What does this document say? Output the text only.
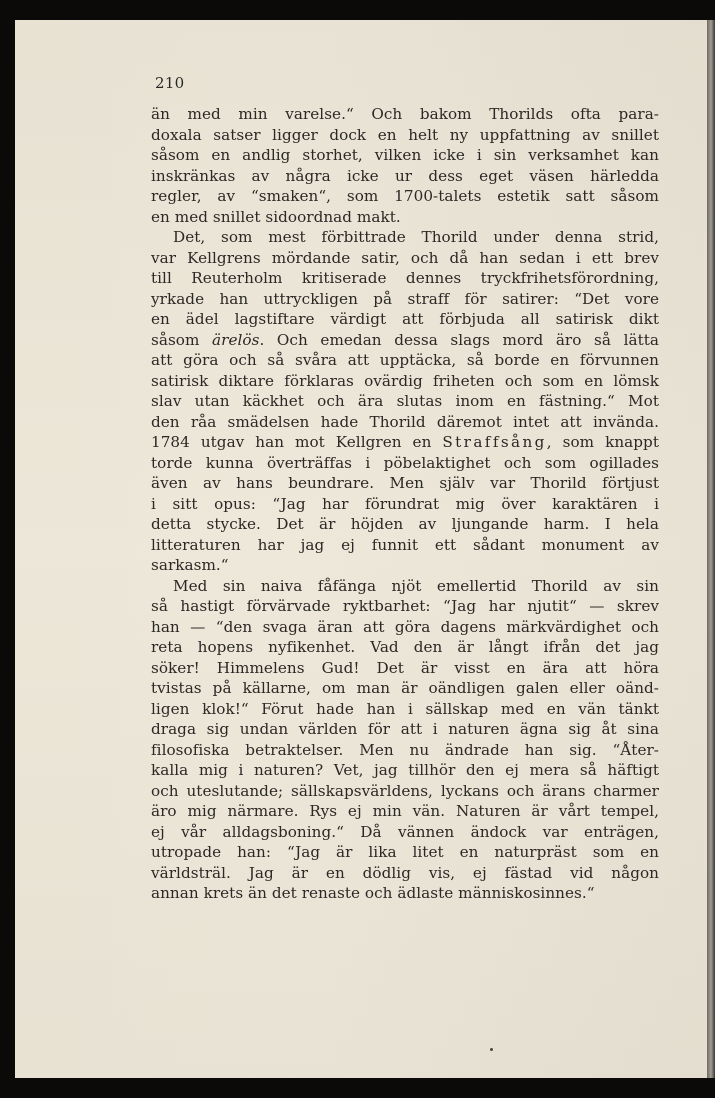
210
än med min varelse.“ Och bakom Thorilds ofta para-
doxala satser ligger dock en helt ny uppfattning av snillet
såsom en andlig storhet, vilken icke i sin verksamhet kan
inskränkas av några icke ur dess eget väsen härledda
regler, av “smaken“, som 1700-talets estetik satt såsom
en med snillet sidoordnad makt.
Det, som mest förbittrade Thorild under denna strid,
var Kellgrens mördande satir, och då han sedan i ett brev
till Reuterholm kritiserade dennes tryckfrihetsförordning,
yrkade han uttryckligen på straff för satirer: “Det vore
en ädel lagstiftare värdigt att förbjuda all satirisk dikt
såsom ärelös. Och emedan dessa slags mord äro så lätta
att göra och så svåra att upptäcka, så borde en förvunnen
satirisk diktare förklaras ovärdig friheten och som en lömsk
slav utan käckhet och ära slutas inom en fästning.“ Mot
den råa smädelsen hade Thorild däremot intet att invända.
1784 utgav han mot Kellgren en Straffsång, som knappt
torde kunna överträffas i pöbelaktighet och som ogillades
även av hans beundrare. Men själv var Thorild förtjust
i sitt opus: “Jag har förundrat mig över karaktären i
detta stycke. Det är höjden av ljungande harm. I hela
litteraturen har jag ej funnit ett sådant monument av
sarkasm.“
Med sin naiva fåfänga njöt emellertid Thorild av sin
så hastigt förvärvade ryktbarhet: “Jag har njutit“ — skrev
han — “den svaga äran att göra dagens märkvärdighet och
reta hopens nyfikenhet. Vad den är långt ifrån det jag
söker! Himmelens Gud! Det är visst en ära att höra
tvistas på källarne, om man är oändligen galen eller oänd-
ligen klok!“ Förut hade han i sällskap med en vän tänkt
draga sig undan världen för att i naturen ägna sig åt sina
filosofiska betraktelser. Men nu ändrade han sig. “Åter-
kalla mig i naturen? Vet, jag tillhör den ej mera så häftigt
och uteslutande; sällskapsvärldens, lyckans och ärans charmer
äro mig närmare. Rys ej min vän. Naturen är vårt tempel,
ej vår alldagsboning.“ Då vännen ändock var enträgen,
utropade han: “Jag är lika litet en naturpräst som en
världsträl. Jag är en dödlig vis, ej fästad vid någon
annan krets än det renaste och ädlaste människosinnes.“
